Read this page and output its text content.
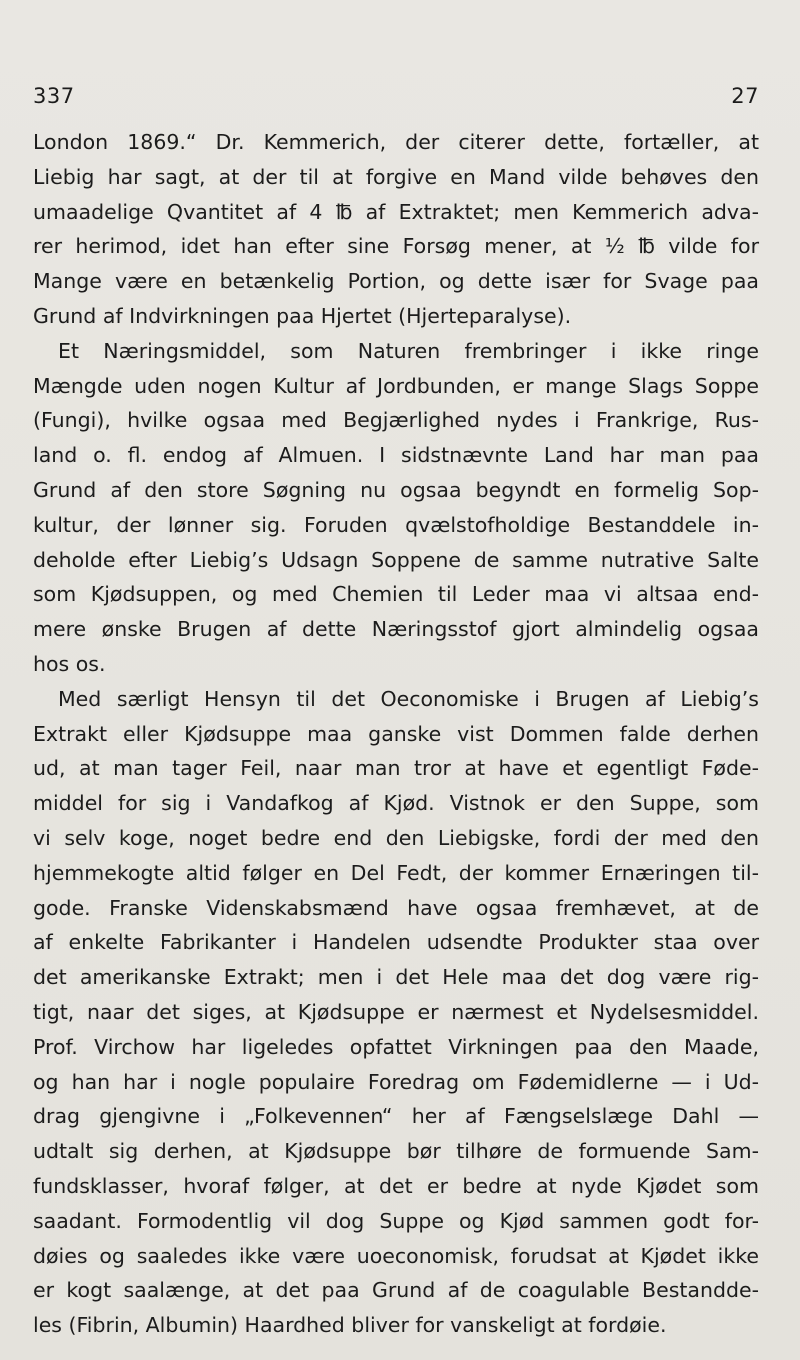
337	27
London 1869.“ Dr. Kemmerich, der citerer dette, fortæller, at
Liebig har sagt, at der til at forgive en Mand vilde behøves den
umaadelige Qvantitet af 4 ℔ af Extraktet; men Kemmerich adva-
rer herimod, idet han efter sine Forsøg mener, at ½ ℔ vilde for
Mange være en betænkelig Portion, og dette især for Svage paa
Grund af Indvirkningen paa Hjertet (Hjerteparalyse).
Et Næringsmiddel, som Naturen frembringer i ikke ringe
Mængde uden nogen Kultur af Jordbunden, er mange Slags Soppe
(Fungi), hvilke ogsaa med Begjærlighed nydes i Frankrige, Rus-
land o. fl. endog af Almuen. I sidstnævnte Land har man paa
Grund af den store Søgning nu ogsaa begyndt en formelig Sop-
kultur, der lønner sig. Foruden qvælstofholdige Bestanddele in-
deholde efter Liebig’s Udsagn Soppene de samme nutrative Salte
som Kjødsuppen, og med Chemien til Leder maa vi altsaa end-
mere ønske Brugen af dette Næringsstof gjort almindelig ogsaa
hos os.
Med særligt Hensyn til det Oeconomiske i Brugen af Liebig’s
Extrakt eller Kjødsuppe maa ganske vist Dommen falde derhen
ud, at man tager Feil, naar man tror at have et egentligt Føde-
middel for sig i Vandafkog af Kjød. Vistnok er den Suppe, som
vi selv koge, noget bedre end den Liebigske, fordi der med den
hjemmekogte altid følger en Del Fedt, der kommer Ernæringen til-
gode. Franske Videnskabsmænd have ogsaa fremhævet, at de
af enkelte Fabrikanter i Handelen udsendte Produkter staa over
det amerikanske Extrakt; men i det Hele maa det dog være rig-
tigt, naar det siges, at Kjødsuppe er nærmest et Nydelsesmiddel.
Prof. Virchow har ligeledes opfattet Virkningen paa den Maade,
og han har i nogle populaire Foredrag om Fødemidlerne — i Ud-
drag gjengivne i „Folkevennen“ her af Fængselslæge Dahl —
udtalt sig derhen, at Kjødsuppe bør tilhøre de formuende Sam-
fundsklasser, hvoraf følger, at det er bedre at nyde Kjødet som
saadant. Formodentlig vil dog Suppe og Kjød sammen godt for-
døies og saaledes ikke være uoeconomisk, forudsat at Kjødet ikke
er kogt saalænge, at det paa Grund af de coagulable Bestandde-
les (Fibrin, Albumin) Haardhed bliver for vanskeligt at fordøie.
